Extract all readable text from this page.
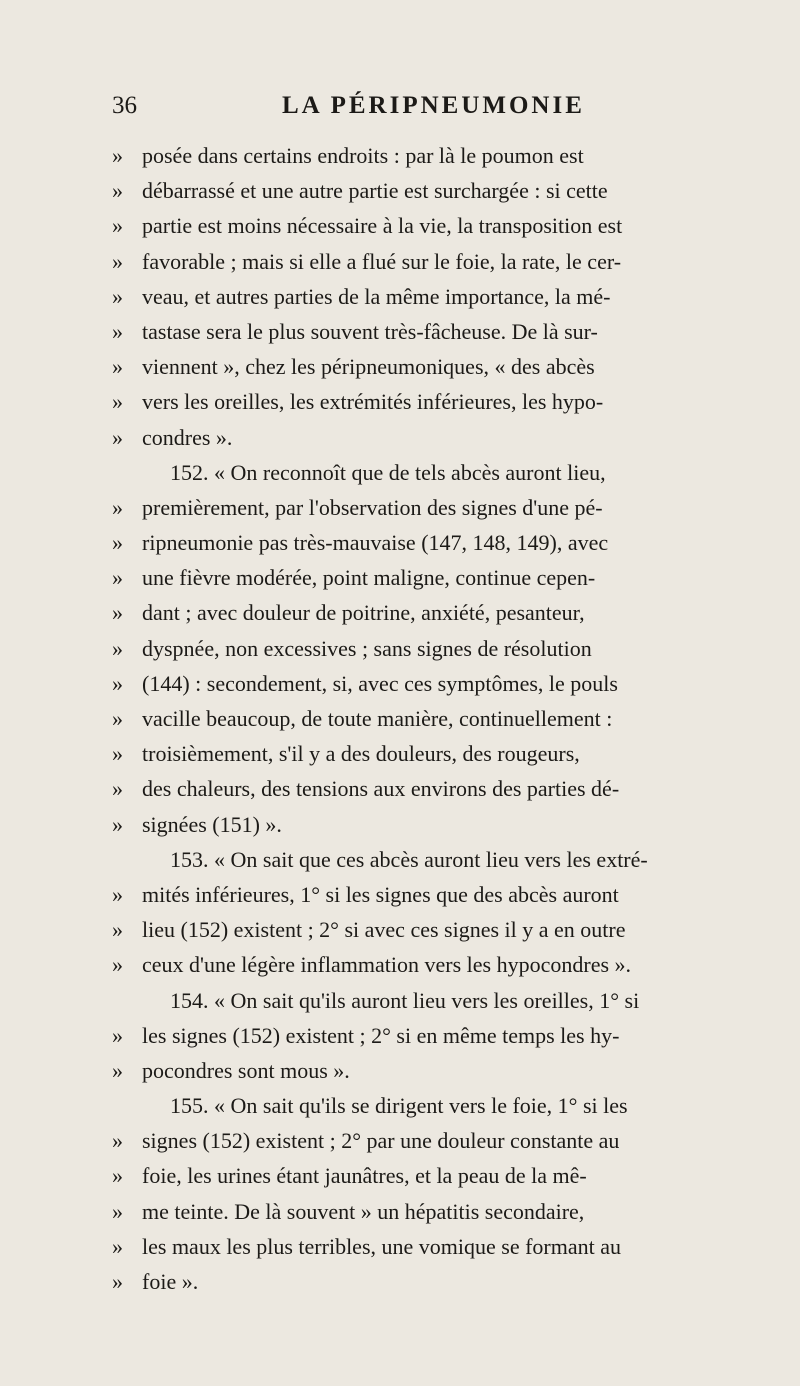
36	LA PÉRIPNEUMONIE
» posée dans certains endroits : par là le poumon est
» débarrassé et une autre partie est surchargée : si cette
» partie est moins nécessaire à la vie, la transposition est
» favorable ; mais si elle a flué sur le foie, la rate, le cer-
» veau, et autres parties de la même importance, la mé-
» tastase sera le plus souvent très-fâcheuse. De là sur-
» viennent », chez les péripneumoniques, « des abcès
» vers les oreilles, les extrémités inférieures, les hypo-
» condres ».
152. « On reconnoît que de tels abcès auront lieu,
» premièrement, par l'observation des signes d'une pé-
» ripneumonie pas très-mauvaise (147, 148, 149), avec
» une fièvre modérée, point maligne, continue cepen-
» dant ; avec douleur de poitrine, anxiété, pesanteur,
» dyspnée, non excessives ; sans signes de résolution
» (144) : secondement, si, avec ces symptômes, le pouls
» vacille beaucoup, de toute manière, continuellement :
» troisièmement, s'il y a des douleurs, des rougeurs,
» des chaleurs, des tensions aux environs des parties dé-
» signées (151) ».
153. « On sait que ces abcès auront lieu vers les extré-
» mités inférieures, 1° si les signes que des abcès auront
» lieu (152) existent ; 2° si avec ces signes il y a en outre
» ceux d'une légère inflammation vers les hypocondres ».
154. « On sait qu'ils auront lieu vers les oreilles, 1° si
» les signes (152) existent ; 2° si en même temps les hy-
» pocondres sont mous ».
155. « On sait qu'ils se dirigent vers le foie, 1° si les
» signes (152) existent ; 2° par une douleur constante au
» foie, les urines étant jaunâtres, et la peau de la mê-
» me teinte. De là souvent » un hépatitis secondaire,
» les maux les plus terribles, une vomique se formant au
» foie ».
